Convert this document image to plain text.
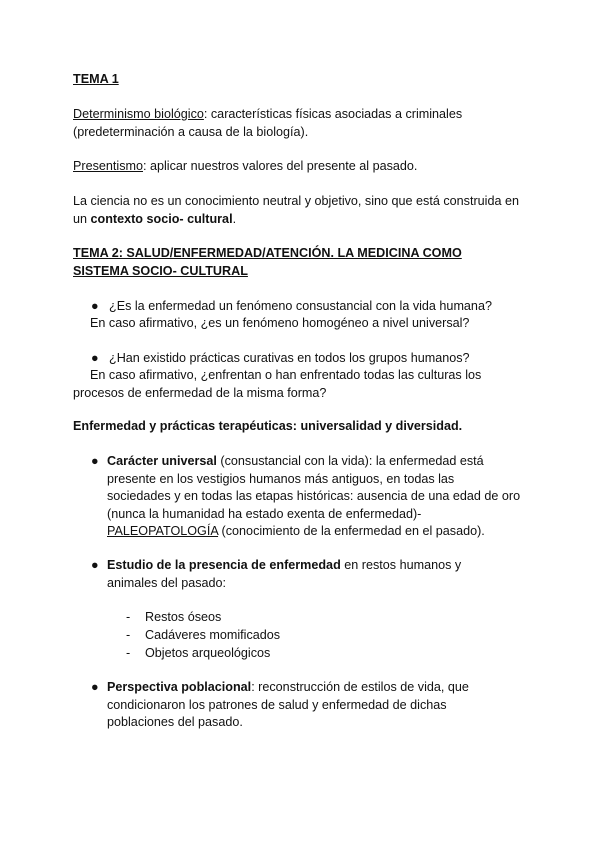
TEMA 1
Determinismo biológico: características físicas asociadas a criminales (predeterminación a causa de la biología).
Presentismo: aplicar nuestros valores del presente al pasado.
La ciencia no es un conocimiento neutral y objetivo, sino que está construida en un contexto socio- cultural.
TEMA 2: SALUD/ENFERMEDAD/ATENCIÓN. LA MEDICINA COMO
SISTEMA SOCIO- CULTURAL
● ¿Es la enfermedad un fenómeno consustancial con la vida humana?
En caso afirmativo, ¿es un fenómeno homogéneo a nivel universal?
● ¿Han existido prácticas curativas en todos los grupos humanos?
En caso afirmativo, ¿enfrentan o han enfrentado todas las culturas los procesos de enfermedad de la misma forma?
Enfermedad y prácticas terapéuticas: universalidad y diversidad.
● Carácter universal (consustancial con la vida): la enfermedad está presente en los vestigios humanos más antiguos, en todas las sociedades y en todas las etapas históricas: ausencia de una edad de oro (nunca la humanidad ha estado exenta de enfermedad)-
PALEOPATOLOGÍA (conocimiento de la enfermedad en el pasado).
● Estudio de la presencia de enfermedad en restos humanos y animales del pasado:
-	Restos óseos
-	Cadáveres momificados
-	Objetos arqueológicos
● Perspectiva poblacional: reconstrucción de estilos de vida, que condicionaron los patrones de salud y enfermedad de dichas poblaciones del pasado.
